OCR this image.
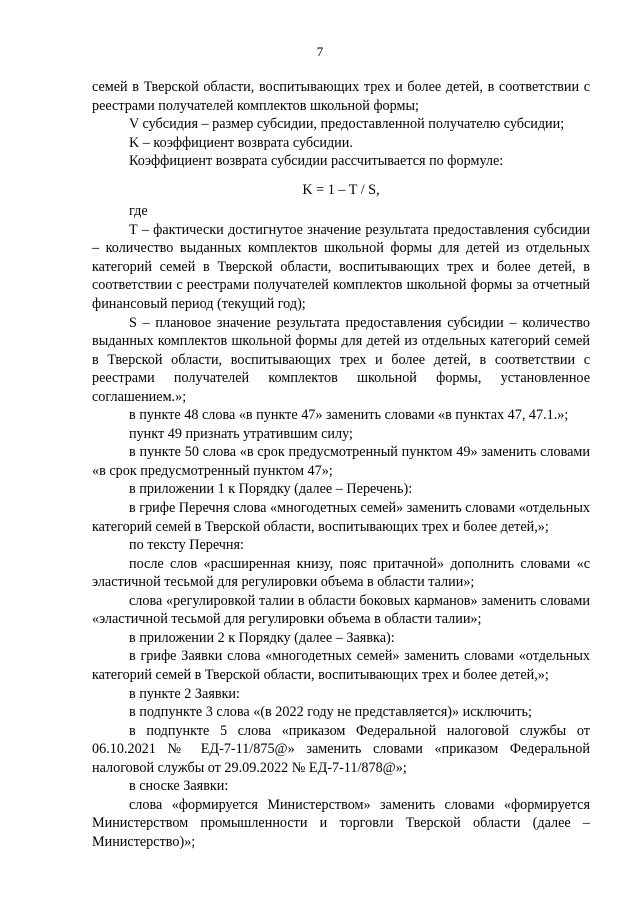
7

семей в Тверской области, воспитывающих трех и более детей, в соответствии с реестрами получателей комплектов школьной формы;

V субсидия – размер субсидии, предоставленной получателю субсидии;

K – коэффициент возврата субсидии.

Коэффициент возврата субсидии рассчитывается по формуле:

K = 1 – T / S,

где

T – фактически достигнутое значение результата предоставления субсидии – количество выданных комплектов школьной формы для детей из отдельных категорий семей в Тверской области, воспитывающих трех и более детей, в соответствии с реестрами получателей комплектов школьной формы за отчетный финансовый период (текущий год);

S – плановое значение результата предоставления субсидии – количество выданных комплектов школьной формы для детей из отдельных категорий семей в Тверской области, воспитывающих трех и более детей, в соответствии с реестрами получателей комплектов школьной формы, установленное соглашением.»;

в пункте 48 слова «в пункте 47» заменить словами «в пунктах 47, 47.1.»;

пункт 49 признать утратившим силу;

в пункте 50 слова «в срок предусмотренный пунктом 49» заменить словами «в срок предусмотренный пунктом 47»;

в приложении 1 к Порядку (далее – Перечень):

в грифе Перечня слова «многодетных семей» заменить словами «отдельных категорий семей в Тверской области, воспитывающих трех и более детей,»;

по тексту Перечня:

после слов «расширенная книзу, пояс притачной» дополнить словами «с эластичной тесьмой для регулировки объема в области талии»;

слова «регулировкой талии в области боковых карманов» заменить словами «эластичной тесьмой для регулировки объема в области талии»;

в приложении 2 к Порядку (далее – Заявка):

в грифе Заявки слова «многодетных семей» заменить словами «отдельных категорий семей в Тверской области, воспитывающих трех и более детей,»;

в пункте 2 Заявки:

в подпункте 3 слова «(в 2022 году не представляется)» исключить;

в подпункте 5 слова «приказом Федеральной налоговой службы от 06.10.2021 № ЕД-7-11/875@» заменить словами «приказом Федеральной налоговой службы от 29.09.2022 № ЕД-7-11/878@»;

в сноске Заявки:

слова «формируется Министерством» заменить словами «формируется Министерством промышленности и торговли Тверской области (далее – Министерство)»;
